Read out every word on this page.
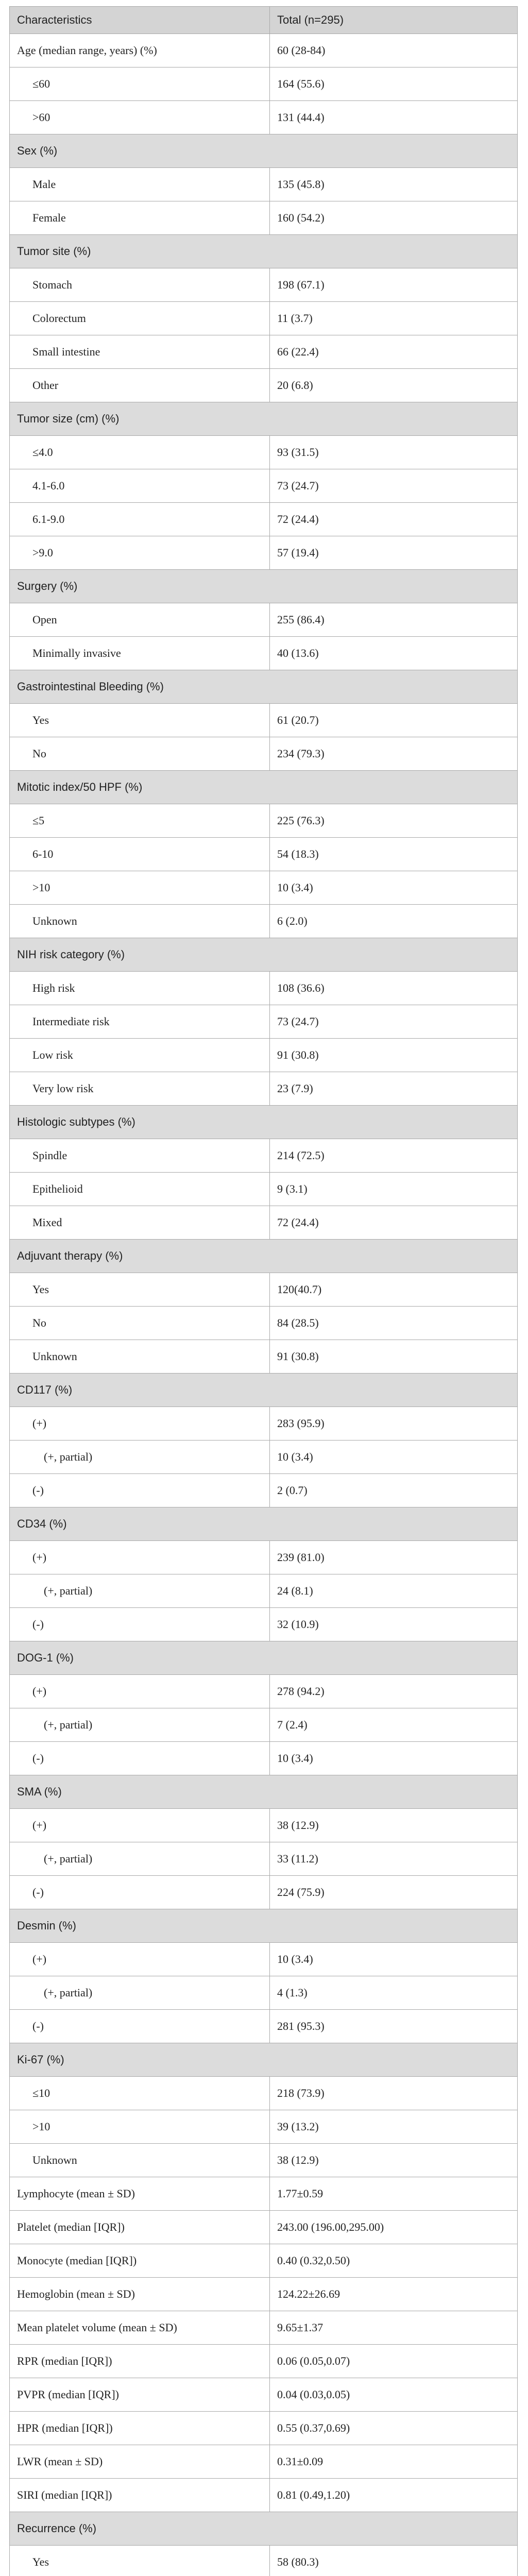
Characteristics	Total (n=295)
Age (median range, years) (%)	60 (28-84)
≤60	164 (55.6)
>60	131 (44.4)
Sex (%)	
Male	135 (45.8)
Female	160 (54.2)
Tumor site (%)	
Stomach	198 (67.1)
Colorectum	11 (3.7)
Small intestine	66 (22.4)
Other	20 (6.8)
Tumor size (cm) (%)	
≤4.0	93 (31.5)
4.1-6.0	73 (24.7)
6.1-9.0	72 (24.4)
>9.0	57 (19.4)
Surgery (%)	
Open	255 (86.4)
Minimally invasive	40 (13.6)
Gastrointestinal Bleeding (%)	
Yes	61 (20.7)
No	234 (79.3)
Mitotic index/50 HPF (%)	
≤5	225 (76.3)
6-10	54 (18.3)
>10	10 (3.4)
Unknown	6 (2.0)
NIH risk category (%)	
High risk	108 (36.6)
Intermediate risk	73 (24.7)
Low risk	91 (30.8)
Very low risk	23 (7.9)
Histologic subtypes (%)	
Spindle	214 (72.5)
Epithelioid	9 (3.1)
Mixed	72 (24.4)
Adjuvant therapy (%)	
Yes	120(40.7)
No	84 (28.5)
Unknown	91 (30.8)
CD117 (%)	
(+)	283 (95.9)
(+, partial)	10 (3.4)
(-)	2 (0.7)
CD34 (%)	
(+)	239 (81.0)
(+, partial)	24 (8.1)
(-)	32 (10.9)
DOG-1 (%)	
(+)	278 (94.2)
(+, partial)	7 (2.4)
(-)	10 (3.4)
SMA (%)	
(+)	38 (12.9)
(+, partial)	33 (11.2)
(-)	224 (75.9)
Desmin (%)	
(+)	10 (3.4)
(+, partial)	4 (1.3)
(-)	281 (95.3)
Ki-67 (%)	
≤10	218 (73.9)
>10	39 (13.2)
Unknown	38 (12.9)
Lymphocyte (mean ± SD)	1.77±0.59
Platelet (median [IQR])	243.00 (196.00,295.00)
Monocyte (median [IQR])	0.40 (0.32,0.50)
Hemoglobin (mean ± SD)	124.22±26.69
Mean platelet volume (mean ± SD)	9.65±1.37
RPR (median [IQR])	0.06 (0.05,0.07)
PVPR (median [IQR])	0.04 (0.03,0.05)
HPR (median [IQR])	0.55 (0.37,0.69)
LWR (mean ± SD)	0.31±0.09
SIRI (median [IQR])	0.81 (0.49,1.20)
Recurrence (%)	
Yes	58 (80.3)
